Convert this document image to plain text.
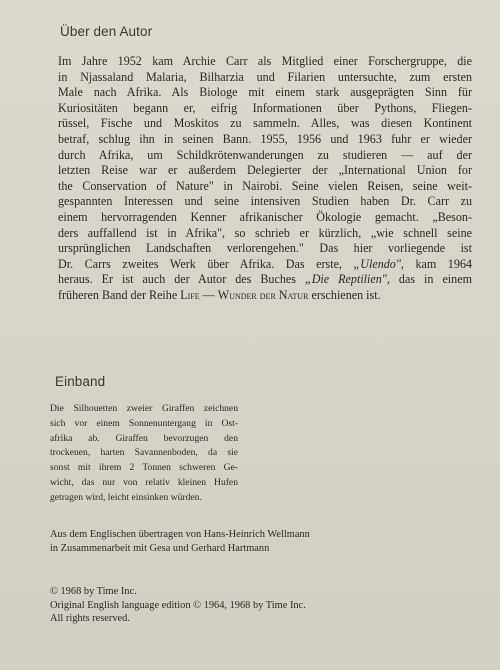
Über den Autor
Im Jahre 1952 kam Archie Carr als Mitglied einer Forschergruppe, die
in Njassaland Malaria, Bilharzia und Filarien untersuchte, zum ersten
Male nach Afrika. Als Biologe mit einem stark ausgeprägten Sinn für
Kuriositäten begann er, eifrig Informationen über Pythons, Fliegen-
rüssel, Fische und Moskitos zu sammeln. Alles, was diesen Kontinent
betraf, schlug ihn in seinen Bann. 1955, 1956 und 1963 fuhr er wieder
durch Afrika, um Schildkrötenwanderungen zu studieren — auf der
letzten Reise war er außerdem Delegierter der „International Union for
the Conservation of Nature" in Nairobi. Seine vielen Reisen, seine weit-
gespannten Interessen und seine intensiven Studien haben Dr. Carr zu
einem hervorragenden Kenner afrikanischer Ökologie gemacht. „Beson-
ders auffallend ist in Afrika", so schrieb er kürzlich, „wie schnell seine
ursprünglichen Landschaften verlorengehen." Das hier vorliegende ist
Dr. Carrs zweites Werk über Afrika. Das erste, „Ulendo", kam 1964
heraus. Er ist auch der Autor des Buches „Die Reptilien", das in einem
früheren Band der Reihe Life — Wunder der Natur erschienen ist.
Einband
Die Silhouetten zweier Giraffen zeichnen
sich vor einem Sonnenuntergang in Ost-
afrika ab. Giraffen bevorzugen den
trockenen, harten Savannenboden, da sie
sonst mit ihrem 2 Tonnen schweren Ge-
wicht, das nur von relativ kleinen Hufen
getragen wird, leicht einsinken würden.
Aus dem Englischen übertragen von Hans-Heinrich Wellmann
in Zusammenarbeit mit Gesa und Gerhard Hartmann
© 1968 by Time Inc.
Original English language edition © 1964, 1968 by Time Inc.
All rights reserved.
